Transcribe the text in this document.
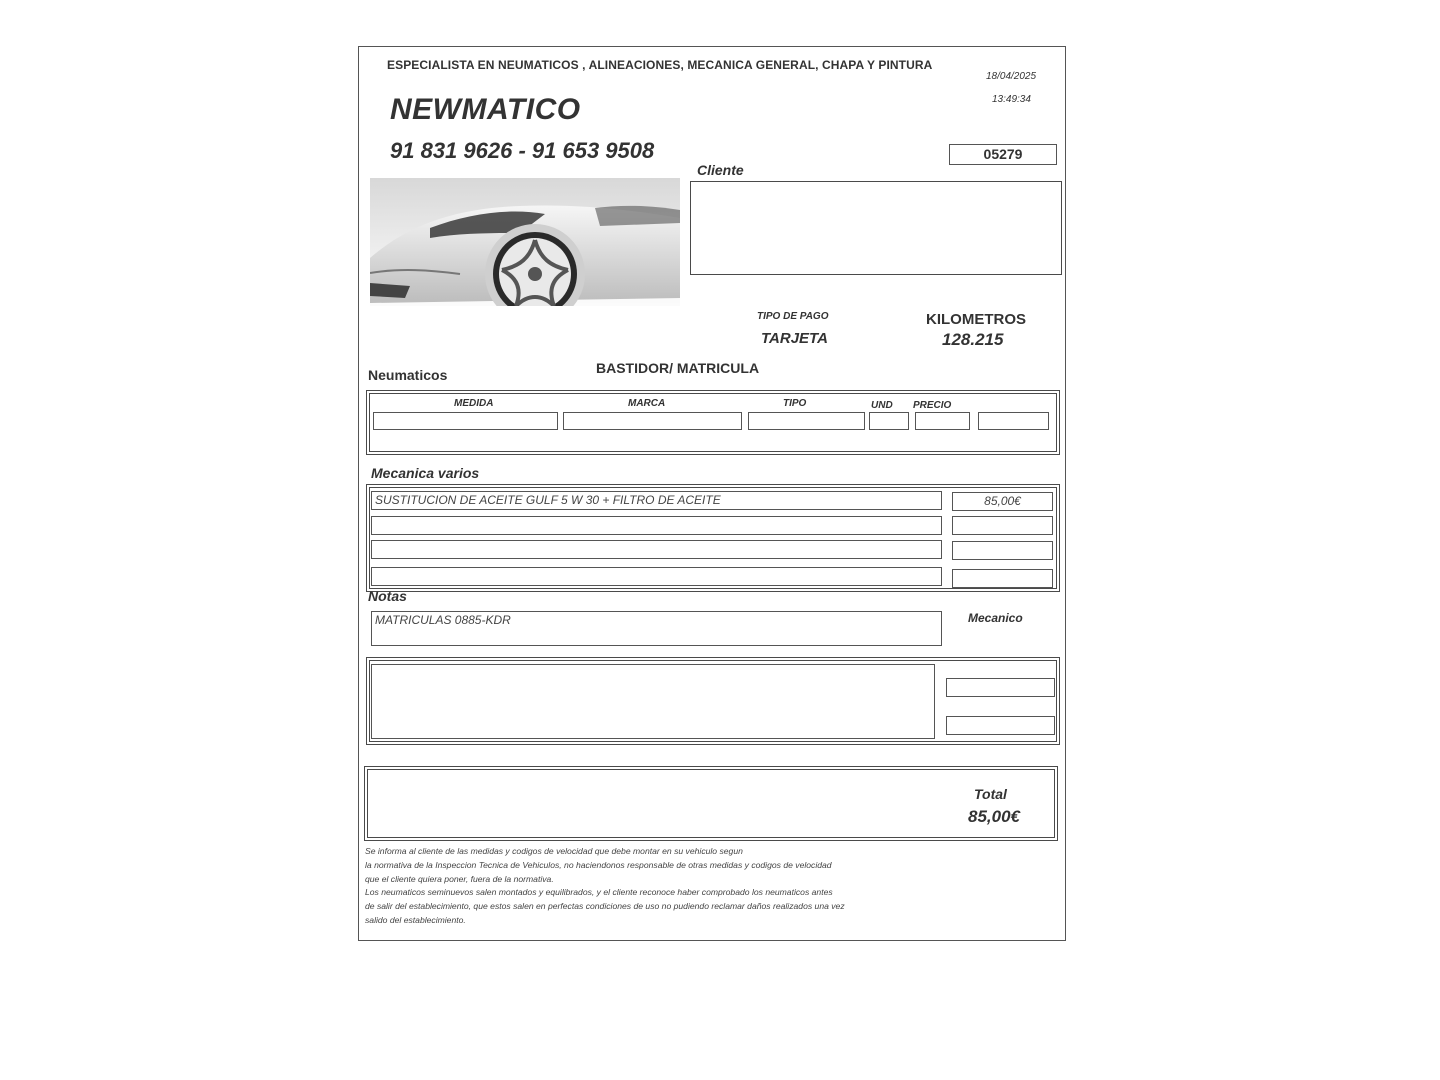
ESPECIALISTA EN NEUMATICOS , ALINEACIONES, MECANICA GENERAL, CHAPA Y PINTURA
18/04/2025
13:49:34
NEWMATICO
91 831 9626 - 91 653 9508	05279
Cliente
TIPO DE PAGO
TARJETA
KILOMETROS
128.215
BASTIDOR/ MATRICULA
Neumaticos
MEDIDA	MARCA	TIPO	UND PRECIO
Mecanica varios
SUSTITUCION DE ACEITE GULF 5 W 30 + FILTRO DE ACEITE	85,00€
Notas
MATRICULAS 0885-KDR	Mecanico
Total
85,00€
Se informa al cliente de las medidas y codigos de velocidad que debe montar en su vehiculo segun
la normativa de la Inspeccion Tecnica de Vehiculos, no haciendonos responsable de otras medidas y codigos de velocidad
que el cliente quiera poner, fuera de la normativa.
Los neumaticos seminuevos salen montados y equilibrados, y el cliente reconoce haber comprobado los neumaticos antes
de salir del establecimiento, que estos salen en perfectas condiciones de uso no pudiendo reclamar daños realizados una vez
salido del establecimiento.
